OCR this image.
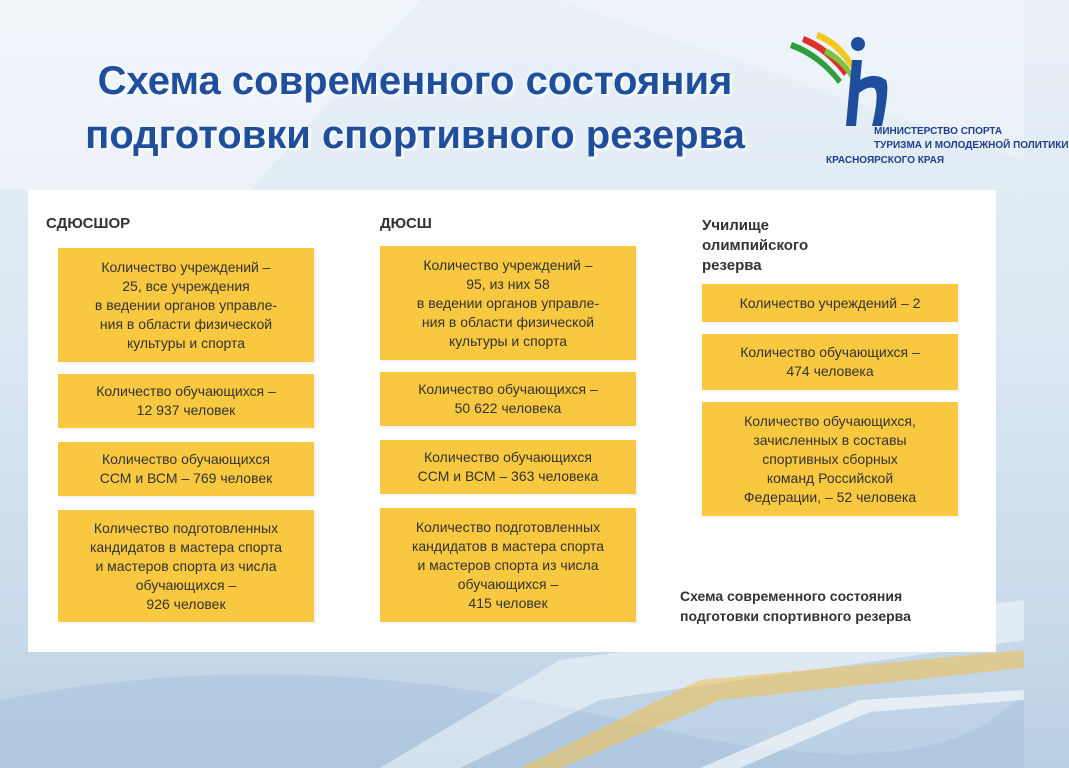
Схема современного состояния
подготовки спортивного резерва	МИНИСТЕРСТВО СПОРТА
ТУРИЗМА И МОЛОДЕЖНОЙ ПОЛИТИКИ
КРАСНОЯРСКОГО КРАЯ
СДЮСШОР
Количество учреждений –
25, все учреждения
в ведении органов управле-
ния в области физической
культуры и спорта
Количество обучающихся –
12 937 человек
Количество обучающихся
ССМ и ВСМ – 769 человек
Количество подготовленных
кандидатов в мастера спорта
и мастеров спорта из числа
обучающихся –
926 человек
ДЮСШ
Количество учреждений –
95, из них 58
в ведении органов управле-
ния в области физической
культуры и спорта
Количество обучающихся –
50 622 человека
Количество обучающихся
ССМ и ВСМ – 363 человека
Количество подготовленных
кандидатов в мастера спорта
и мастеров спорта из числа
обучающихся –
415 человек
Училище
олимпийского
резерва
Количество учреждений – 2
Количество обучающихся –
474 человека
Количество обучающихся,
зачисленных в составы
спортивных сборных
команд Российской
Федерации, – 52 человека
Схема современного состояния
подготовки спортивного резерва
